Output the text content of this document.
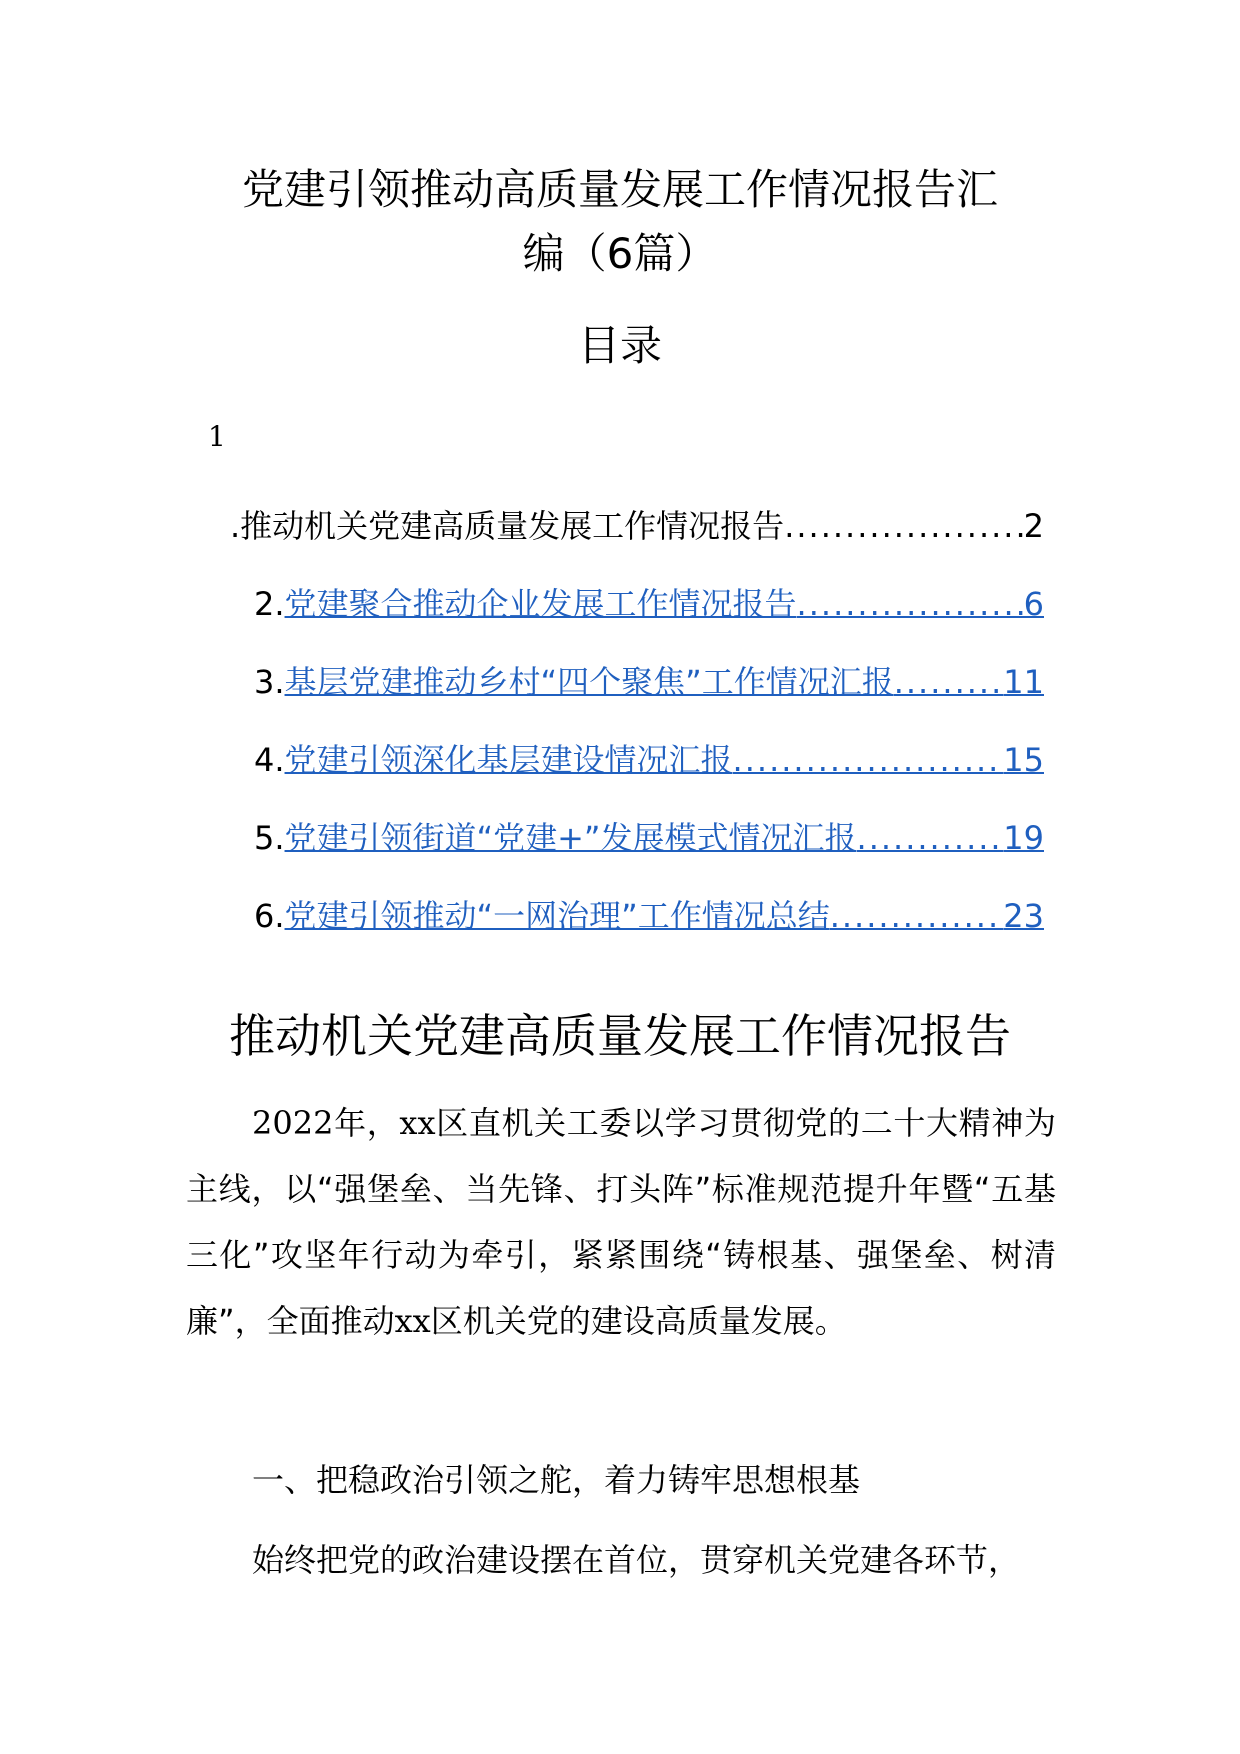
党建引领推动高质量发展工作情况报告汇
编（6篇）
目录
1
. 推动机关党建高质量发展工作情况报告 .....	2
2. 党建聚合推动企业发展工作情况报告 .....	6
3. 基层党建推动乡村“四个聚焦”工作情况汇报 .....	11
4. 党建引领深化基层建设情况汇报 .....	15
5. 党建引领街道“党建+”发展模式情况汇报 .....	19
6. 党建引领推动“一网治理”工作情况总结 .....	23
推动机关党建高质量发展工作情况报告

2022年，xx区直机关工委以学习贯彻党的二十大精神为主线，以“强堡垒、当先锋、打头阵”标准规范提升年暨“五基三化”攻坚年行动为牵引，紧紧围绕“铸根基、强堡垒、树清廉”，全面推动xx区机关党的建设高质量发展。

一、把稳政治引领之舵，着力铸牢思想根基

始终把党的政治建设摆在首位，贯穿机关党建各环节，
